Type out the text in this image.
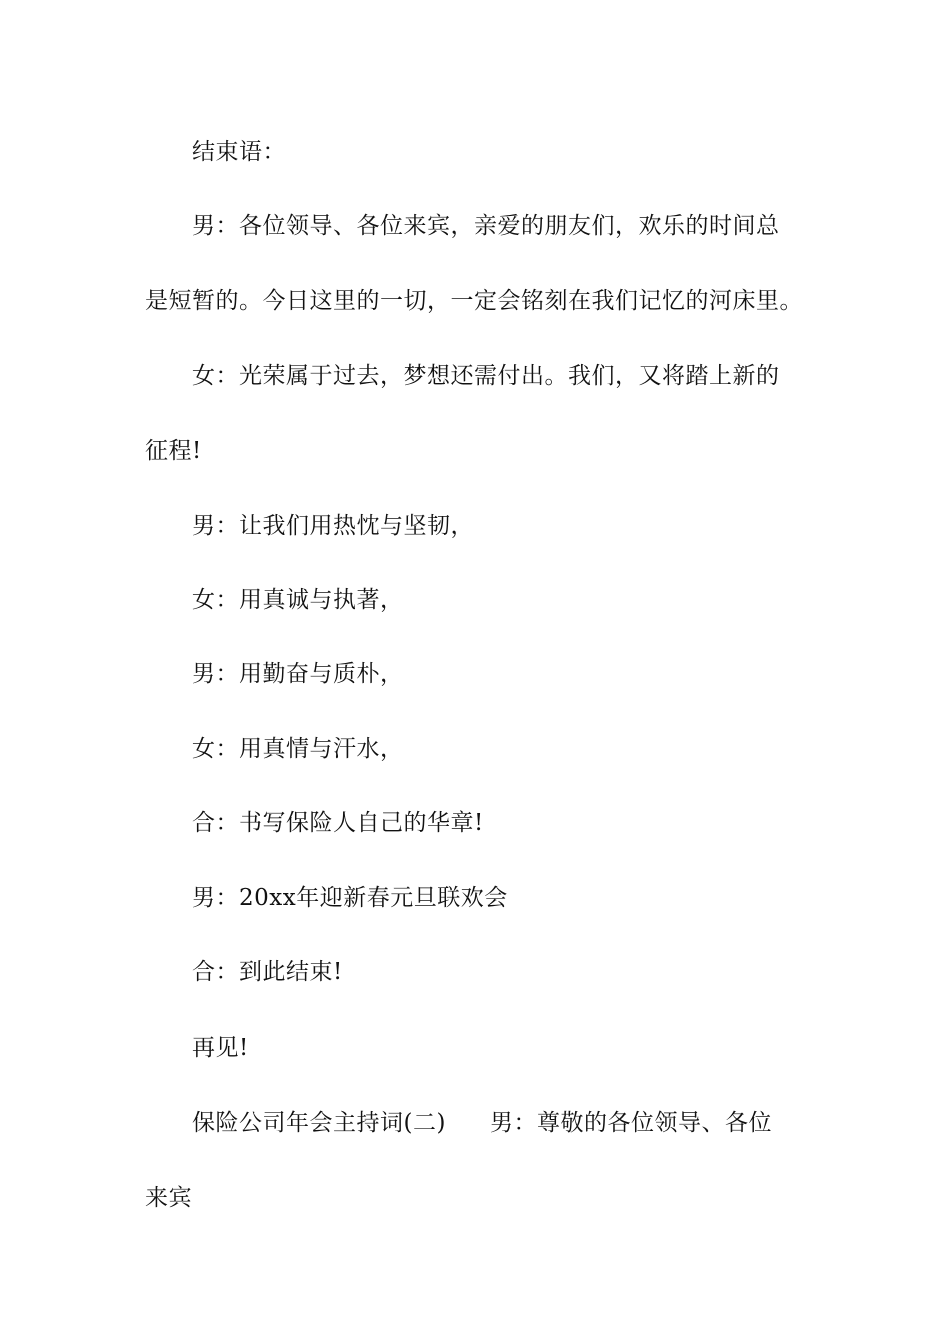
结束语：
男：各位领导、各位来宾，亲爱的朋友们，欢乐的时间总
是短暂的。今日这里的一切，一定会铭刻在我们记忆的河床里。
女：光荣属于过去，梦想还需付出。我们，又将踏上新的
征程!
男：让我们用热忱与坚韧，
女：用真诚与执著，
男：用勤奋与质朴，
女：用真情与汗水，
合：书写保险人自己的华章!
男：20xx年迎新春元旦联欢会
合：到此结束!
再见!
保险公司年会主持词(二) 男：尊敬的各位领导、各位
来宾
